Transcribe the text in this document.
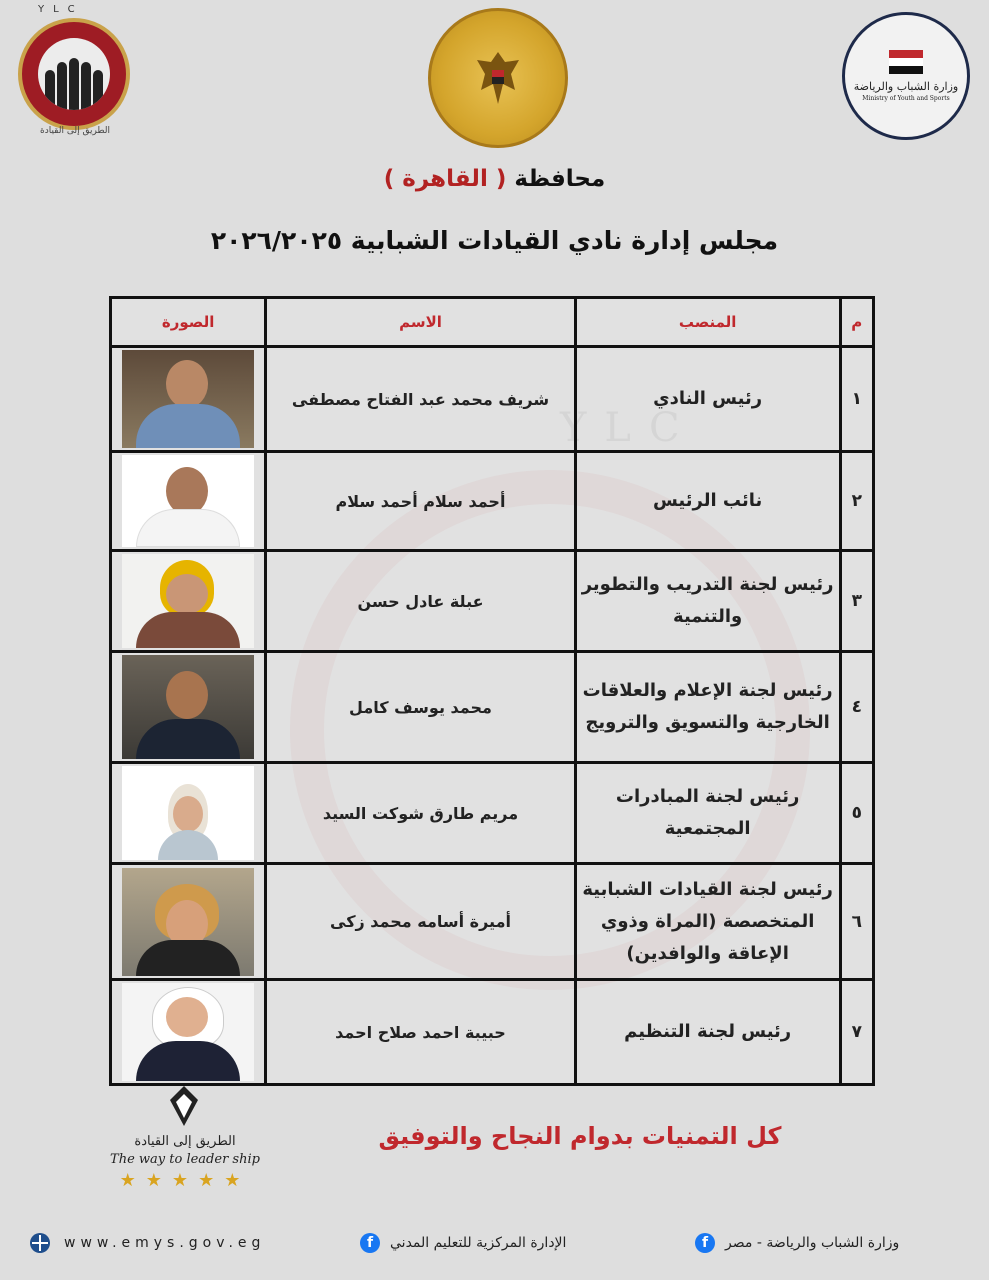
YLC
YLC
الطريق إلى القيادة
وزارة الشباب والرياضة
Ministry of Youth and Sports
محافظة ( القاهرة )
مجلس إدارة نادي القيادات الشبابية ٢٠٢٦/٢٠٢٥
م	المنصب	الاسم	الصورة
١	رئيس النادي	شريف محمد عبد الفتاح مصطفى	

٢	نائب الرئيس	أحمد سلام أحمد سلام	

٣	رئيس لجنة التدريب والتطوير والتنمية	عبلة عادل حسن	

٤	رئيس لجنة الإعلام والعلاقات الخارجية والتسويق والترويج	محمد يوسف كامل	

٥	رئيس لجنة المبادرات المجتمعية	مريم طارق شوكت السيد	

٦	رئيس لجنة القيادات الشبابية المتخصصة (المراة وذوي الإعاقة والوافدين)	أميرة أسامه محمد زكى	

٧	رئيس لجنة التنظيم	حبيبة احمد صلاح احمد	
الطريق إلى القيادة
The way to leader ship
★★★★★
كل التمنيات بدوام النجاح والتوفيق
www.emys.gov.eg	f	الإدارة المركزية للتعليم المدني	f	وزارة الشباب والرياضة - مصر
